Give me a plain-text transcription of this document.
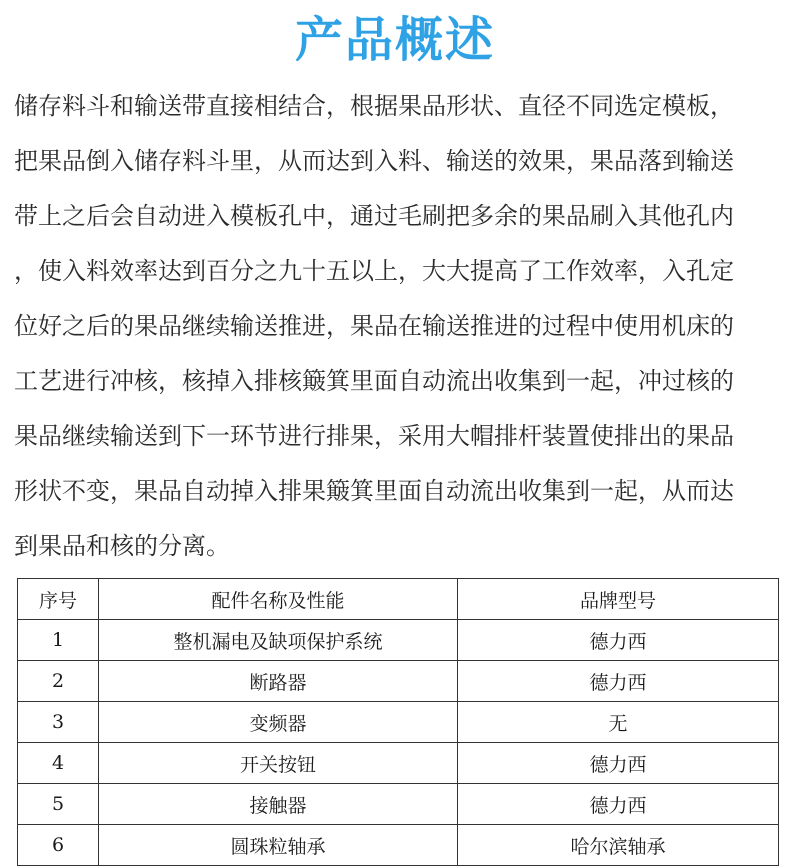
产品概述
储存料斗和输送带直接相结合，根据果品形状、直径不同选定模板，
把果品倒入储存料斗里，从而达到入料、输送的效果，果品落到输送
带上之后会自动进入模板孔中，通过毛刷把多余的果品刷入其他孔内
，使入料效率达到百分之九十五以上，大大提高了工作效率，入孔定
位好之后的果品继续输送推进，果品在输送推进的过程中使用机床的
工艺进行冲核，核掉入排核簸箕里面自动流出收集到一起，冲过核的
果品继续输送到下一环节进行排果，采用大帽排杆装置使排出的果品
形状不变，果品自动掉入排果簸箕里面自动流出收集到一起，从而达
到果品和核的分离。
序号	配件名称及性能	品牌型号
1	整机漏电及缺项保护系统	德力西
2	断路器	德力西
3	变频器	无
4	开关按钮	德力西
5	接触器	德力西
6	圆珠粒轴承	哈尔滨轴承
